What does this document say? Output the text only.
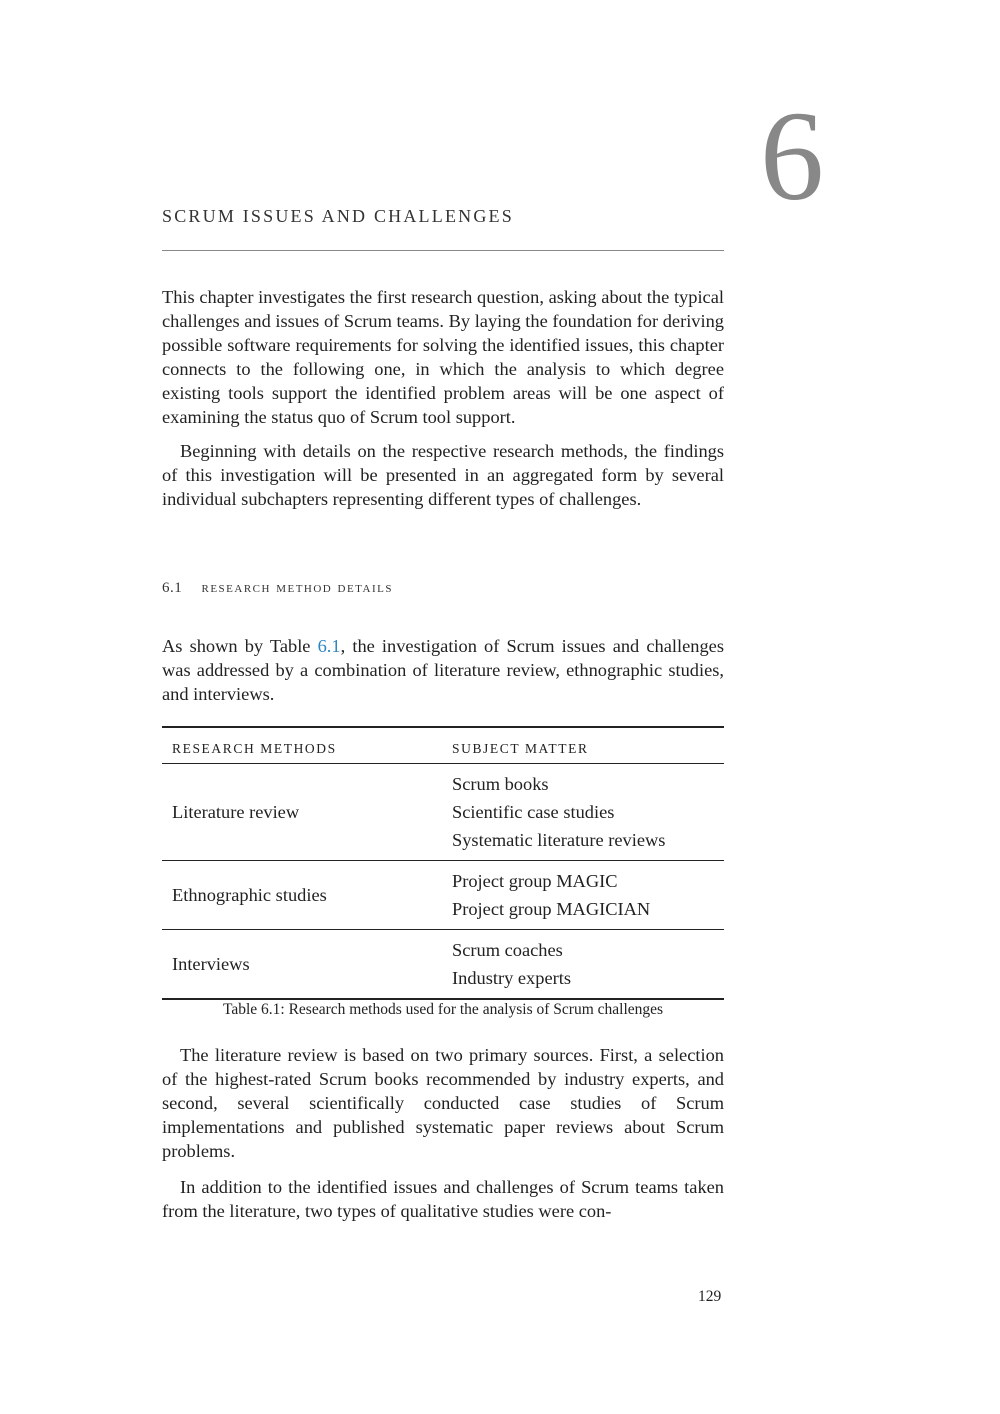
6
SCRUM ISSUES AND CHALLENGES

This chapter investigates the first research question, asking about the typical challenges and issues of Scrum teams. By laying the foundation for deriving possible software requirements for solving the identified issues, this chapter connects to the following one, in which the analysis to which degree existing tools support the identified problem areas will be one aspect of examining the status quo of Scrum tool support.

Beginning with details on the respective research methods, the findings of this investigation will be presented in an aggregated form by several individual subchapters representing different types of challenges.

6.1 research method details

As shown by Table 6.1, the investigation of Scrum issues and challenges was addressed by a combination of literature review, ethnographic studies, and interviews.

RESEARCH METHODS	SUBJECT MATTER
Literature review	Scrum books
Scientific case studies
Systematic literature reviews

Ethnographic studies	Project group MAGIC
Project group MAGICIAN

Interviews	Scrum coaches
Industry experts
Table 6.1: Research methods used for the analysis of Scrum challenges

The literature review is based on two primary sources. First, a selection of the highest-rated Scrum books recommended by industry experts, and second, several scientifically conducted case studies of Scrum implementations and published systematic paper reviews about Scrum problems.

In addition to the identified issues and challenges of Scrum teams taken from the literature, two types of qualitative studies were con-

129
